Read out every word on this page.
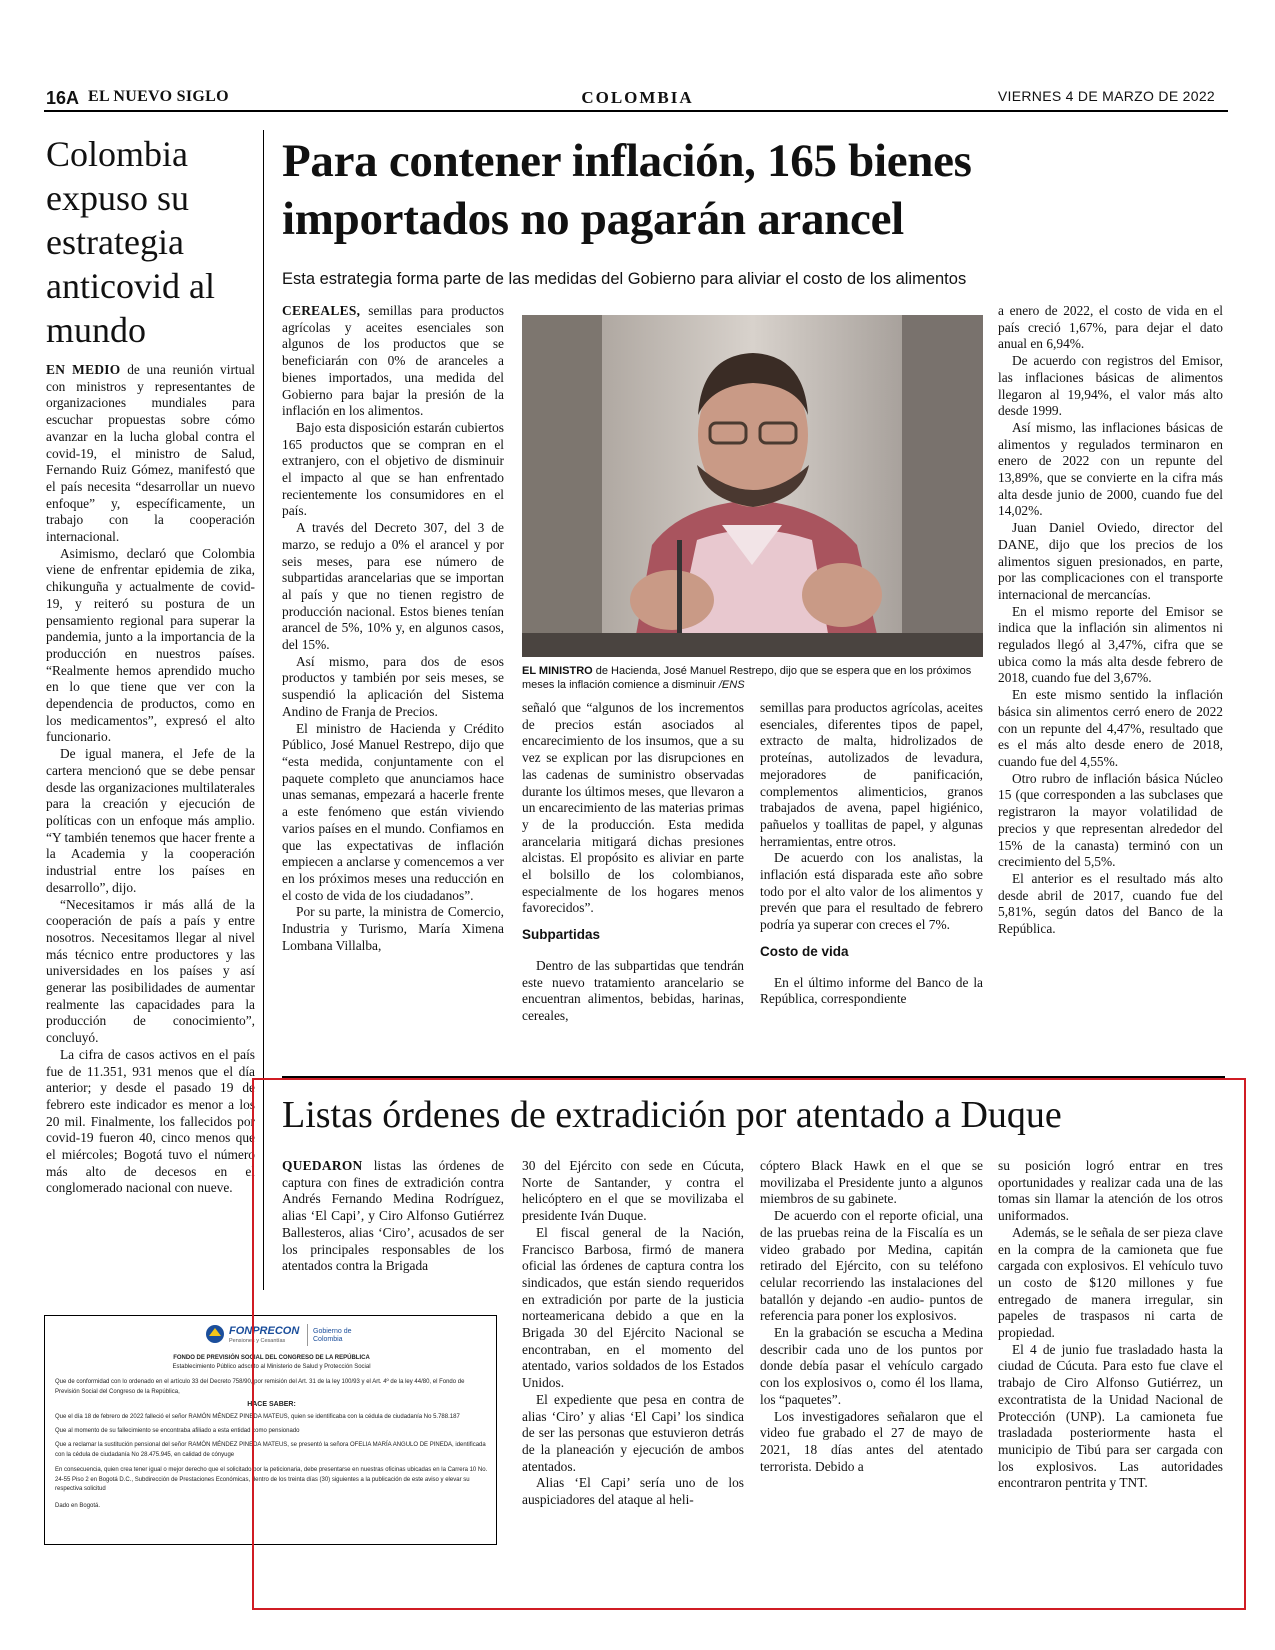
16A EL NUEVO SIGLO	COLOMBIA	VIERNES 4 DE MARZO DE 2022
Colombia expuso su estrategia anticovid al mundo

EN MEDIO de una reunión virtual con ministros y representantes de organizaciones mundiales para escuchar propuestas sobre cómo avanzar en la lucha global contra el covid-19, el ministro de Salud, Fernando Ruiz Gómez, manifestó que el país necesita “desarrollar un nuevo enfoque” y, específicamente, un trabajo con la cooperación internacional.

Asimismo, declaró que Colombia viene de enfrentar epidemia de zika, chikunguña y actualmente de covid-19, y reiteró su postura de un pensamiento regional para superar la pandemia, junto a la importancia de la producción en nuestros países. “Realmente hemos aprendido mucho en lo que tiene que ver con la dependencia de productos, como en los medicamentos”, expresó el alto funcionario.

De igual manera, el Jefe de la cartera mencionó que se debe pensar desde las organizaciones multilaterales para la creación y ejecución de políticas con un enfoque más amplio. “Y también tenemos que hacer frente a la Academia y la cooperación industrial entre los países en desarrollo”, dijo.

“Necesitamos ir más allá de la cooperación de país a país y entre nosotros. Necesitamos llegar al nivel más técnico entre productores y las universidades en los países y así generar las posibilidades de aumentar realmente las capacidades para la producción de conocimiento”, concluyó.

La cifra de casos activos en el país fue de 11.351, 931 menos que el día anterior; y desde el pasado 19 de febrero este indicador es menor a los 20 mil. Finalmente, los fallecidos por covid-19 fueron 40, cinco menos que el miércoles; Bogotá tuvo el número más alto de decesos en el conglomerado nacional con nueve.

Para contener inflación, 165 bienes importados no pagarán arancel
Esta estrategia forma parte de las medidas del Gobierno para aliviar el costo de los alimentos

CEREALES, semillas para productos agrícolas y aceites esenciales son algunos de los productos que se beneficiarán con 0% de aranceles a bienes importados, una medida del Gobierno para bajar la presión de la inflación en los alimentos.

Bajo esta disposición estarán cubiertos 165 productos que se compran en el extranjero, con el objetivo de disminuir el impacto al que se han enfrentado recientemente los consumidores en el país.

A través del Decreto 307, del 3 de marzo, se redujo a 0% el arancel y por seis meses, para ese número de subpartidas arancelarias que se importan al país y que no tienen registro de producción nacional. Estos bienes tenían arancel de 5%, 10% y, en algunos casos, del 15%.

Así mismo, para dos de esos productos y también por seis meses, se suspendió la aplicación del Sistema Andino de Franja de Precios.

El ministro de Hacienda y Crédito Público, José Manuel Restrepo, dijo que “esta medida, conjuntamente con el paquete completo que anunciamos hace unas semanas, empezará a hacerle frente a este fenómeno que están viviendo varios países en el mundo. Confiamos en que las expectativas de inflación empiecen a anclarse y comencemos a ver en los próximos meses una reducción en el costo de vida de los ciudadanos”.

Por su parte, la ministra de Comercio, Industria y Turismo, María Ximena Lombana Villalba,

EL MINISTRO de Hacienda, José Manuel Restrepo, dijo que se espera que en los próximos meses la inflación comience a disminuir /ENS

señaló que “algunos de los incrementos de precios están asociados al encarecimiento de los insumos, que a su vez se explican por las disrupciones en las cadenas de suministro observadas durante los últimos meses, que llevaron a un encarecimiento de las materias primas y de la producción. Esta medida arancelaria mitigará dichas presiones alcistas. El propósito es aliviar en parte el bolsillo de los colombianos, especialmente de los hogares menos favorecidos”.

Subpartidas

Dentro de las subpartidas que tendrán este nuevo tratamiento arancelario se encuentran alimentos, bebidas, harinas, cereales,

semillas para productos agrícolas, aceites esenciales, diferentes tipos de papel, extracto de malta, hidrolizados de proteínas, autolizados de levadura, mejoradores de panificación, complementos alimenticios, granos trabajados de avena, papel higiénico, pañuelos y toallitas de papel, y algunas herramientas, entre otros.

De acuerdo con los analistas, la inflación está disparada este año sobre todo por el alto valor de los alimentos y prevén que para el resultado de febrero podría ya superar con creces el 7%.

Costo de vida

En el último informe del Banco de la República, correspondiente

a enero de 2022, el costo de vida en el país creció 1,67%, para dejar el dato anual en 6,94%.

De acuerdo con registros del Emisor, las inflaciones básicas de alimentos llegaron al 19,94%, el valor más alto desde 1999.

Así mismo, las inflaciones básicas de alimentos y regulados terminaron en enero de 2022 con un repunte del 13,89%, que se convierte en la cifra más alta desde junio de 2000, cuando fue del 14,02%.

Juan Daniel Oviedo, director del DANE, dijo que los precios de los alimentos siguen presionados, en parte, por las complicaciones con el transporte internacional de mercancías.

En el mismo reporte del Emisor se indica que la inflación sin alimentos ni regulados llegó al 3,47%, cifra que se ubica como la más alta desde febrero de 2018, cuando fue del 3,67%.

En este mismo sentido la inflación básica sin alimentos cerró enero de 2022 con un repunte del 4,47%, resultado que es el más alto desde enero de 2018, cuando fue del 4,55%.

Otro rubro de inflación básica Núcleo 15 (que corresponden a las subclases que registraron la mayor volatilidad de precios y que representan alrededor del 15% de la canasta) terminó con un crecimiento del 5,5%.

El anterior es el resultado más alto desde abril de 2017, cuando fue del 5,81%, según datos del Banco de la República.

Listas órdenes de extradición por atentado a Duque

QUEDARON listas las órdenes de captura con fines de extradición contra Andrés Fernando Medina Rodríguez, alias ‘El Capi’, y Ciro Alfonso Gutiérrez Ballesteros, alias ‘Ciro’, acusados de ser los principales responsables de los atentados contra la Brigada

30 del Ejército con sede en Cúcuta, Norte de Santander, y contra el helicóptero en el que se movilizaba el presidente Iván Duque.

El fiscal general de la Nación, Francisco Barbosa, firmó de manera oficial las órdenes de captura contra los sindicados, que están siendo requeridos en extradición por parte de la justicia norteamericana debido a que en la Brigada 30 del Ejército Nacional se encontraban, en el momento del atentado, varios soldados de los Estados Unidos.

El expediente que pesa en contra de alias ‘Ciro’ y alias ‘El Capi’ los sindica de ser las personas que estuvieron detrás de la planeación y ejecución de ambos atentados.

Alias ‘El Capi’ sería uno de los auspiciadores del ataque al heli-

cóptero Black Hawk en el que se movilizaba el Presidente junto a algunos miembros de su gabinete.

De acuerdo con el reporte oficial, una de las pruebas reina de la Fiscalía es un video grabado por Medina, capitán retirado del Ejército, con su teléfono celular recorriendo las instalaciones del batallón y dejando -en audio- puntos de referencia para poner los explosivos.

En la grabación se escucha a Medina describir cada uno de los puntos por donde debía pasar el vehículo cargado con los explosivos o, como él los llama, los “paquetes”.

Los investigadores señalaron que el video fue grabado el 27 de mayo de 2021, 18 días antes del atentado terrorista. Debido a

su posición logró entrar en tres oportunidades y realizar cada una de las tomas sin llamar la atención de los otros uniformados.

Además, se le señala de ser pieza clave en la compra de la camioneta que fue cargada con explosivos. El vehículo tuvo un costo de $120 millones y fue entregado de manera irregular, sin papeles de traspasos ni carta de propiedad.

El 4 de junio fue trasladado hasta la ciudad de Cúcuta. Para esto fue clave el trabajo de Ciro Alfonso Gutiérrez, un excontratista de la Unidad Nacional de Protección (UNP). La camioneta fue trasladada posteriormente hasta el municipio de Tibú para ser cargada con los explosivos. Las autoridades encontraron pentrita y TNT.

FONPRECON
Pensiones y Cesantías
Gobierno de Colombia
FONDO DE PREVISIÓN SOCIAL DEL CONGRESO DE LA REPÚBLICA
Establecimiento Público adscrito al Ministerio de Salud y Protección Social
Que de conformidad con lo ordenado en el artículo 33 del Decreto 758/90, por remisión del Art. 31 de la ley 100/93 y el Art. 4º de la ley 44/80, el Fondo de Previsión Social del Congreso de la República,
HACE SABER:
Que el día 18 de febrero de 2022 falleció el señor RAMÓN MÉNDEZ PINEDA MATEUS, quien se identificaba con la cédula de ciudadanía No 5.788.187
Que al momento de su fallecimiento se encontraba afiliado a esta entidad como pensionado
Que a reclamar la sustitución pensional del señor RAMÓN MÉNDEZ PINEDA MATEUS, se presentó la señora OFELIA MARÍA ANGULO DE PINEDA, identificada con la cédula de ciudadanía No 28.475.945, en calidad de cónyuge
En consecuencia, quien crea tener igual o mejor derecho que el solicitado por la peticionaria, debe presentarse en nuestras oficinas ubicadas en la Carrera 10 No. 24-55 Piso 2 en Bogotá D.C., Subdirección de Prestaciones Económicas, dentro de los treinta días (30) siguientes a la publicación de este aviso y elevar su respectiva solicitud
Dado en Bogotá.
